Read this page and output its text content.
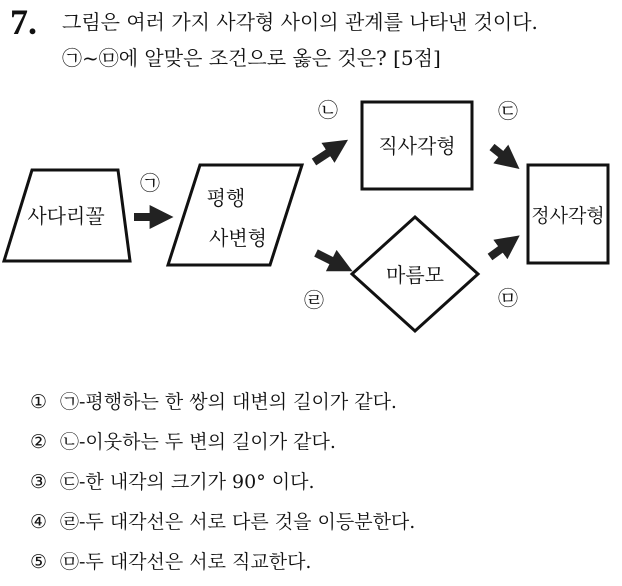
7. 그림은 여러 가지 사각형 사이의 관계를 나타낸 것이다.
㉠~㉤에 알맞은 조건으로 옳은 것은? [5점]
사다리꼴
㉠
평행
사변형
㉡
㉣
직사각형
마름모
㉢
㉤
정사각형
① ㉠-평행하는 한 쌍의 대변의 길이가 같다.
② ㉡-이웃하는 두 변의 길이가 같다.
③ ㉢-한 내각의 크기가 90° 이다.
④ ㉣-두 대각선은 서로 다른 것을 이등분한다.
⑤ ㉤-두 대각선은 서로 직교한다.
